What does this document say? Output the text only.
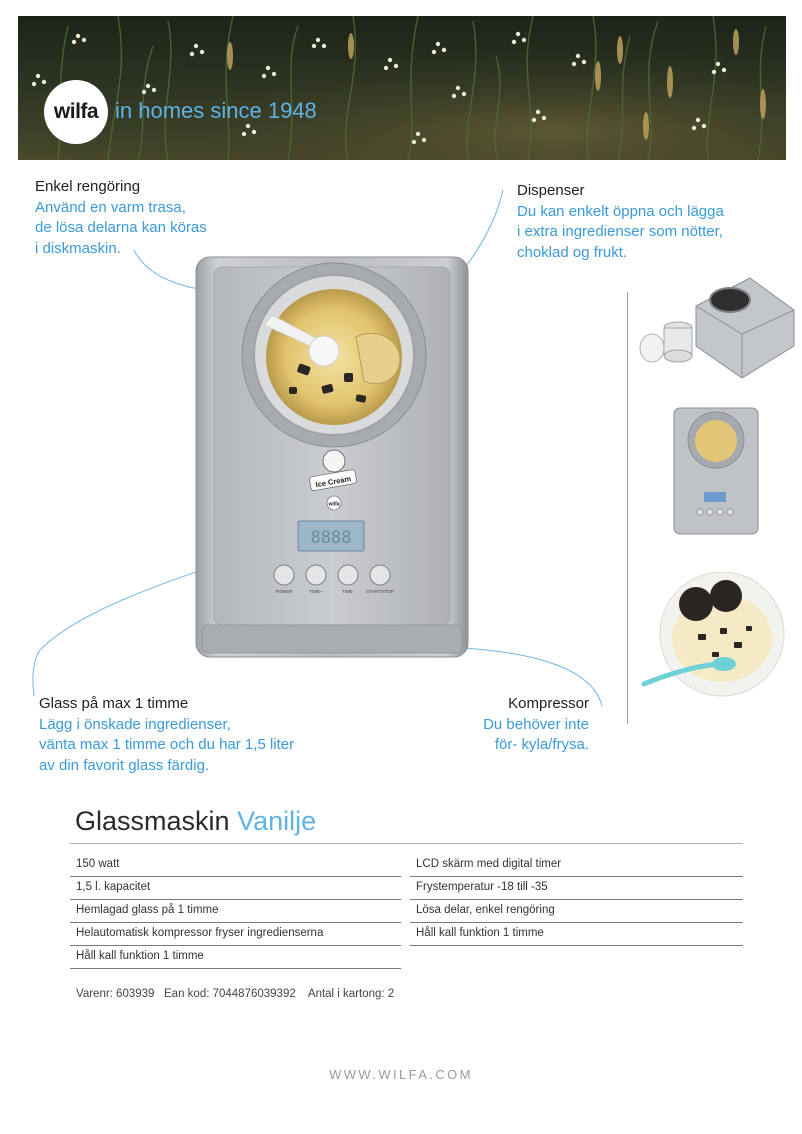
wilfa in homes since 1948
Enkel rengöring
Använd en varm trasa,
de lösa delarna kan köras
i diskmaskin.
Dispenser
Du kan enkelt öppna och lägga
i extra ingredienser som nötter,
choklad og frukt.
Glass på max 1 timme
Lägg i önskade ingredienser,
vänta max 1 timme och du har 1,5 liter
av din favorit glass färdig.
Kompressor
Du behöver inte
för- kyla/frysa.
Ice Cream
wilfa
8888
POWER	TIME+	TIME-	START/STOP
Glassmaskin Vanilje
150 watt
1,5 l. kapacitet
Hemlagad glass på 1 timme
Helautomatisk kompressor fryser ingredienserna
Håll kall funktion 1 timme
LCD skärm med digital timer
Frystemperatur -18 till -35
Lösa delar, enkel rengöring
Håll kall funktion 1 timme
Varenr: 603939   Ean kod: 7044876039392    Antal i kartong: 2
WWW.WILFA.COM
